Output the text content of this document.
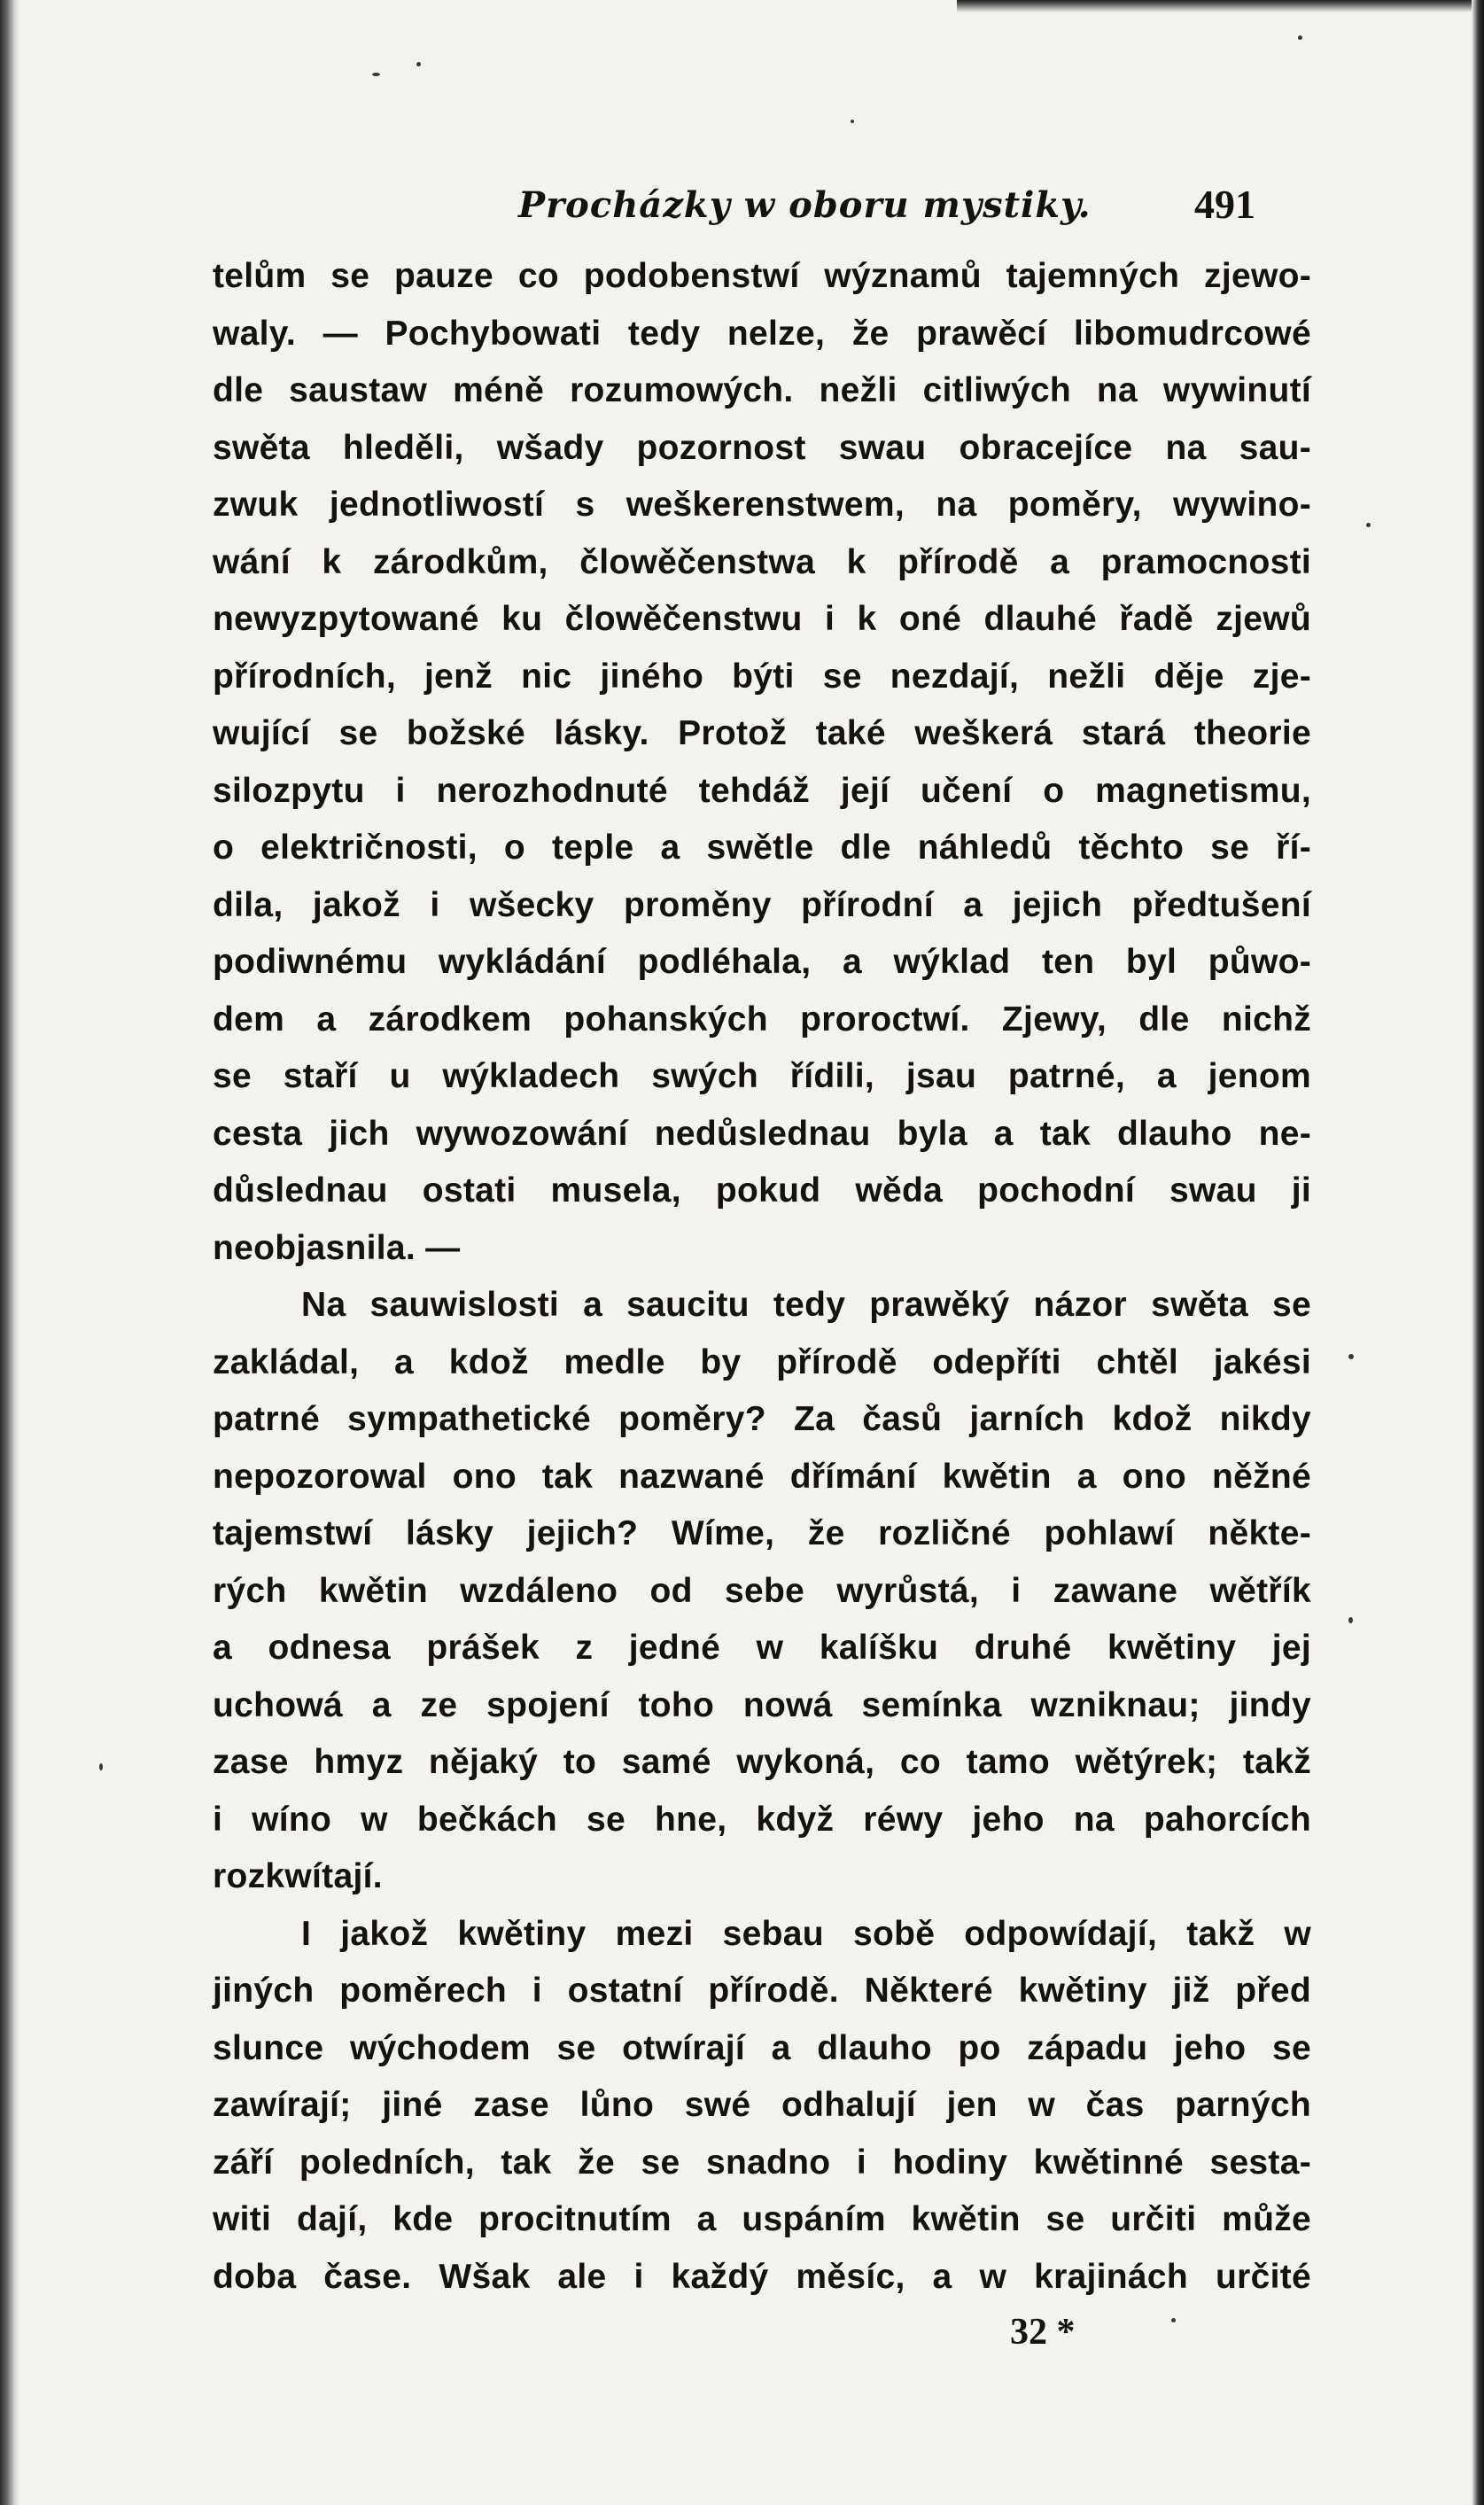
Procházky w oboru mystiky.	491
telům se pauze co podobenstwí wýznamů tajemných zjewo-
waly. — Pochybowati tedy nelze, že prawěcí libomudrcowé
dle saustaw méně rozumowých. nežli citliwých na wywinutí
swěta hleděli, wšady pozornost swau obracejíce na sau-
zwuk jednotliwostí s weškerenstwem, na poměry, wywino-
wání k zárodkům, člowěčenstwa k přírodě a pramocnosti
newyzpytowané ku člowěčenstwu i k oné dlauhé řadě zjewů
přírodních, jenž nic jiného býti se nezdají, nežli děje zje-
wující se božské lásky. Protož také weškerá stará theorie
silozpytu i nerozhodnuté tehdáž její učení o magnetismu,
o električnosti, o teple a swětle dle náhledů těchto se ří-
dila, jakož i wšecky proměny přírodní a jejich předtušení
podiwnému wykládání podléhala, a wýklad ten byl půwo-
dem a zárodkem pohanských proroctwí. Zjewy, dle nichž
se staří u wýkladech swých řídili, jsau patrné, a jenom
cesta jich wywozowání nedůslednau byla a tak dlauho ne-
důslednau ostati musela, pokud wěda pochodní swau ji
neobjasnila. —
Na sauwislosti a saucitu tedy prawěký názor swěta se
zakládal, a kdož medle by přírodě odepříti chtěl jakési
patrné sympathetické poměry? Za časů jarních kdož nikdy
nepozorowal ono tak nazwané dřímání kwětin a ono něžné
tajemstwí lásky jejich? Wíme, že rozličné pohlawí někte-
rých kwětin wzdáleno od sebe wyrůstá, i zawane wětřík
a odnesa prášek z jedné w kalíšku druhé kwětiny jej
uchowá a ze spojení toho nowá semínka wzniknau; jindy
zase hmyz nějaký to samé wykoná, co tamo wětýrek; takž
i wíno w bečkách se hne, když réwy jeho na pahorcích
rozkwítají.
I jakož kwětiny mezi sebau sobě odpowídají, takž w
jiných poměrech i ostatní přírodě. Některé kwětiny již před
slunce wýchodem se otwírají a dlauho po západu jeho se
zawírají; jiné zase lůno swé odhalují jen w čas parných
září poledních, tak že se snadno i hodiny kwětinné sesta-
witi dají, kde procitnutím a uspáním kwětin se určiti může
doba čase. Wšak ale i každý měsíc, a w krajinách určité
32 *
